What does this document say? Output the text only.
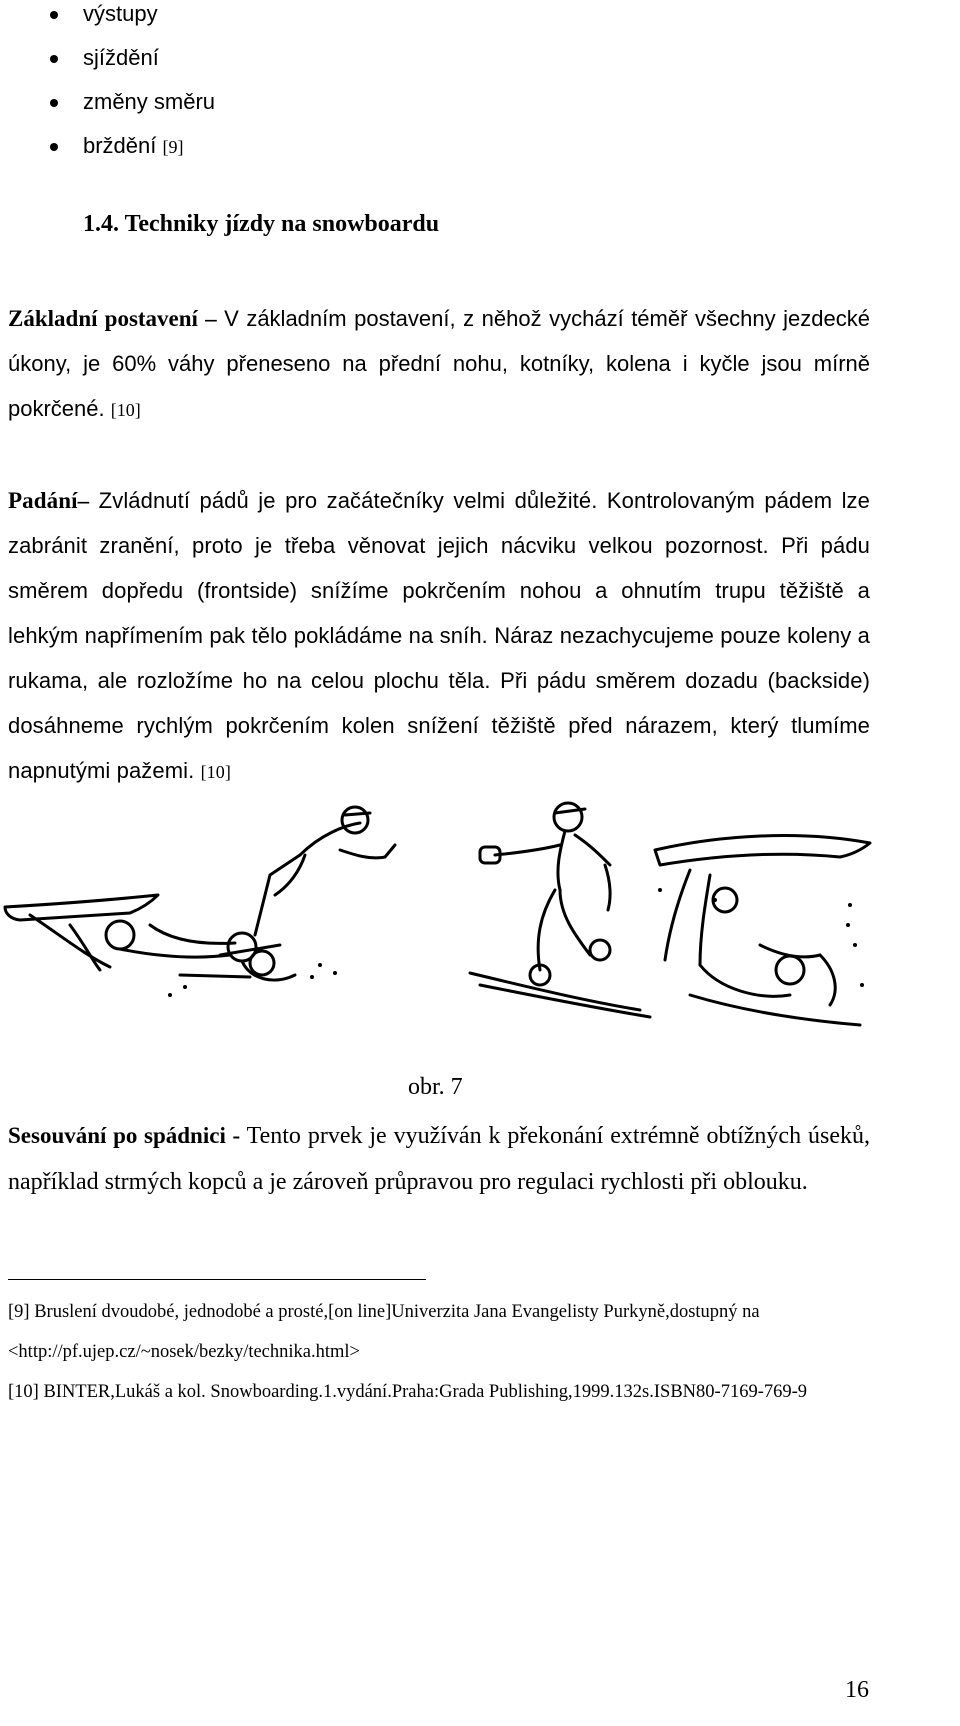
výstupy
sjíždění
změny směru
brždění [9]
1.4. Techniky jízdy na snowboardu
Základní postavení – V základním postavení, z něhož vychází téměř všechny jezdecké úkony, je 60% váhy přeneseno na přední nohu, kotníky, kolena i kyčle jsou mírně pokrčené. [10]
Padání– Zvládnutí pádů je pro začátečníky velmi důležité. Kontrolovaným pádem lze zabránit zranění, proto je třeba věnovat jejich nácviku velkou pozornost. Při pádu směrem dopředu (frontside) snížíme pokrčením nohou a ohnutím trupu těžiště a lehkým napřímením pak tělo pokládáme na sníh. Náraz nezachycujeme pouze koleny a rukama, ale rozložíme ho na celou plochu těla. Při pádu směrem dozadu (backside) dosáhneme rychlým pokrčením kolen snížení těžiště před nárazem, který tlumíme napnutými pažemi. [10]
obr. 7
Sesouvání po spádnici - Tento prvek je využíván k překonání extrémně obtížných úseků, například strmých kopců a je zároveň průpravou pro regulaci rychlosti při oblouku.
[9] Bruslení dvoudobé, jednodobé a prosté,[on line]Univerzita Jana Evangelisty Purkyně,dostupný na <http://pf.ujep.cz/~nosek/bezky/technika.html>
[10] BINTER,Lukáš a kol. Snowboarding.1.vydání.Praha:Grada Publishing,1999.132s.ISBN80-7169-769-9
16
